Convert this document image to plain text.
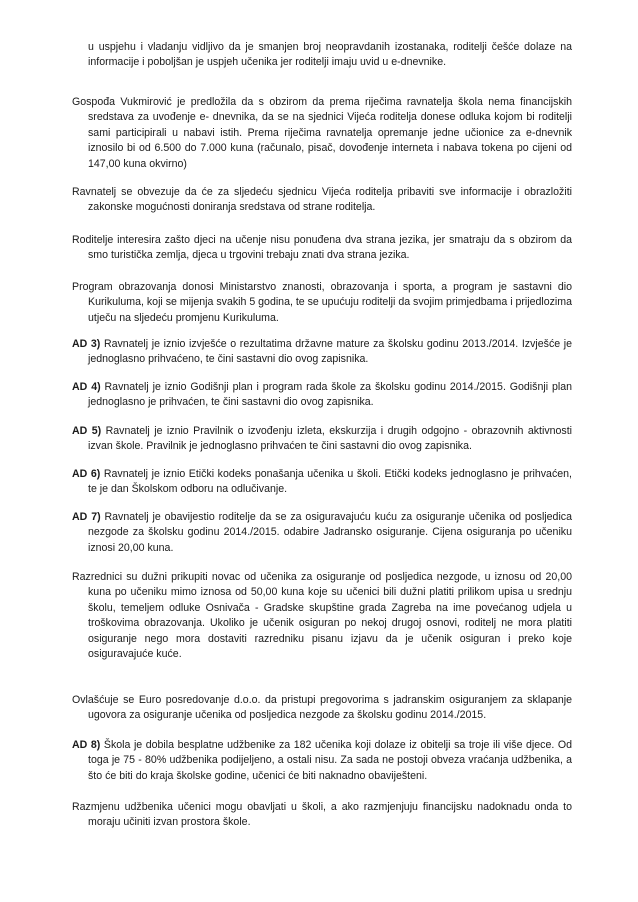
u uspjehu i vladanju vidljivo da je smanjen broj neopravdanih izostanaka, roditelji češće dolaze na informacije i poboljšan je uspjeh učenika jer roditelji imaju uvid u e-dnevnike.

Gospođa Vukmirović je predložila da s obzirom da prema riječima ravnatelja škola nema financijskih sredstava za uvođenje e- dnevnika, da se na sjednici Vijeća roditelja donese odluka kojom bi roditelji sami participirali u nabavi istih. Prema riječima ravnatelja opremanje jedne učionice za e-dnevnik iznosilo bi od 6.500 do 7.000 kuna (računalo, pisač, dovođenje interneta i nabava tokena po cijeni od 147,00 kuna okvirno)

Ravnatelj se obvezuje da će za sljedeću sjednicu Vijeća roditelja pribaviti sve informacije i obrazložiti zakonske mogućnosti doniranja sredstava od strane roditelja.

Roditelje interesira zašto djeci na učenje nisu ponuđena dva strana jezika, jer smatraju da s obzirom da smo turistička zemlja, djeca u trgovini trebaju znati dva strana jezika.

Program obrazovanja donosi Ministarstvo znanosti, obrazovanja i sporta, a program je sastavni dio Kurikuluma, koji se mijenja svakih 5 godina, te se upućuju roditelji da svojim primjedbama i prijedlozima utječu na sljedeću promjenu Kurikuluma.

AD 3) Ravnatelj je iznio izvješće o rezultatima državne mature za školsku godinu 2013./2014. Izvješće je jednoglasno prihvaćeno, te čini sastavni dio ovog zapisnika.

AD 4) Ravnatelj je iznio Godišnji plan i program rada škole za školsku godinu 2014./2015. Godišnji plan jednoglasno je prihvaćen, te čini sastavni dio ovog zapisnika.

AD 5) Ravnatelj je iznio Pravilnik o izvođenju izleta, ekskurzija i drugih odgojno - obrazovnih aktivnosti izvan škole. Pravilnik je jednoglasno prihvaćen te čini sastavni dio ovog zapisnika.

AD 6) Ravnatelj je iznio Etički kodeks ponašanja učenika u školi. Etički kodeks jednoglasno je prihvaćen, te je dan Školskom odboru na odlučivanje.

AD 7) Ravnatelj je obavijestio roditelje da se za osiguravajuću kuću za osiguranje učenika od posljedica nezgode za školsku godinu 2014./2015. odabire Jadransko osiguranje. Cijena osiguranja po učeniku iznosi 20,00 kuna.

Razrednici su dužni prikupiti novac od učenika za osiguranje od posljedica nezgode, u iznosu od 20,00 kuna po učeniku mimo iznosa od 50,00 kuna koje su učenici bili dužni platiti prilikom upisa u srednju školu, temeljem odluke Osnivača - Gradske skupštine grada Zagreba na ime povećanog udjela u troškovima obrazovanja. Ukoliko je učenik osiguran po nekoj drugoj osnovi, roditelj ne mora platiti osiguranje nego mora dostaviti razredniku pisanu izjavu da je učenik osiguran i preko koje osiguravajuće kuće.

Ovlašćuje se Euro posredovanje d.o.o. da pristupi pregovorima s jadranskim osiguranjem za sklapanje ugovora za osiguranje učenika od posljedica nezgode za školsku godinu 2014./2015.

AD 8) Škola je dobila besplatne udžbenike za 182 učenika koji dolaze iz obitelji sa troje ili više djece. Od toga je 75 - 80% udžbenika podijeljeno, a ostali nisu. Za sada ne postoji obveza vraćanja udžbenika, a što će biti do kraja školske godine, učenici će biti naknadno obaviješteni.

Razmjenu udžbenika učenici mogu obavljati u školi, a ako razmjenjuju financijsku nadoknadu onda to moraju učiniti izvan prostora škole.
